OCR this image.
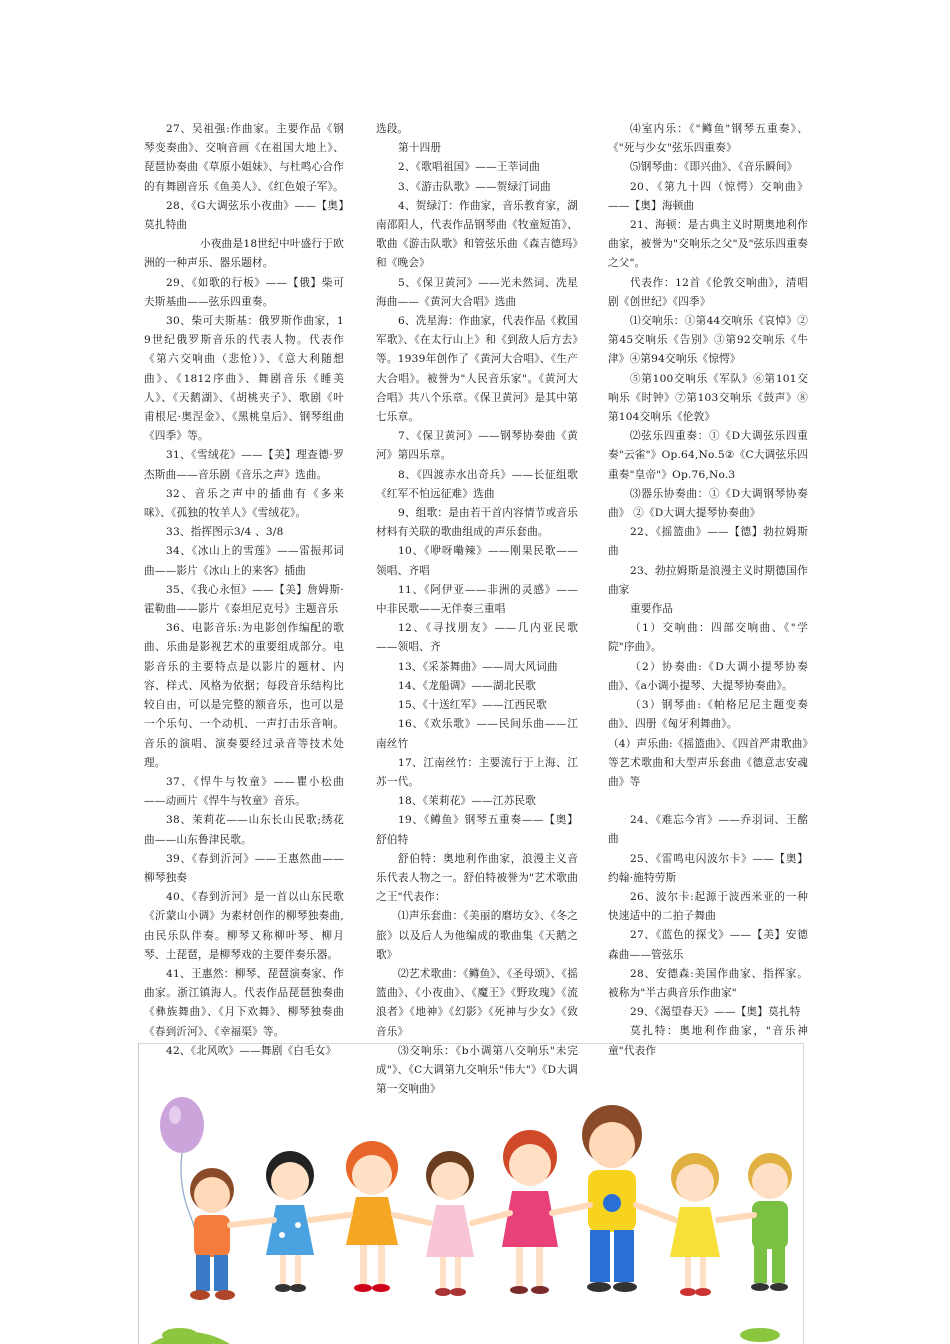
27、吴祖强:作曲家。主要作品《钢琴变奏曲》、交响音画《在祖国大地上》、琵琶协奏曲《草原小姐妹》、与杜鸣心合作的有舞剧音乐《鱼美人》、《红色娘子军》。

28、《G大调弦乐小夜曲》——【奥】莫扎特曲

小夜曲是18世纪中叶盛行于欧洲的一种声乐、器乐题材。

29、《如歌的行板》——【俄】柴可夫斯基曲——弦乐四重奏。

30、柴可夫斯基：俄罗斯作曲家，19世纪俄罗斯音乐的代表人物。代表作《第六交响曲（悲怆）》、《意大利随想曲》、《1812序曲》、舞剧音乐《睡美人》、《天鹅湖》、《胡桃夹子》、歌剧《叶甫根尼·奥涅金》、《黑桃皇后》、钢琴组曲《四季》等。

31、《雪绒花》——【美】理查德·罗杰斯曲——音乐剧《音乐之声》选曲。

32、音乐之声中的插曲有《多来咪》、《孤独的牧羊人》《雪绒花》。

33、指挥图示3/4 、3/8

34、《冰山上的雪莲》——雷振邦词曲——影片《冰山上的来客》插曲

35、《我心永恒》——【美】詹姆斯·霍勒曲——影片《泰坦尼克号》主题音乐

36、电影音乐:为电影创作编配的歌曲、乐曲是影视艺术的重要组成部分。电影音乐的主要特点是以影片的题材、内容、样式、风格为依据；每段音乐结构比较自由，可以是完整的额音乐，也可以是一个乐句、一个动机、一声打击乐音响。音乐的演唱、演奏要经过录音等技术处理。

37、《悍牛与牧童》——瞿小松曲——动画片《悍牛与牧童》音乐。

38、茉莉花——山东长山民歌;绣花曲——山东鲁津民歌。

39、《春到沂河》——王惠然曲——柳琴独奏

40、《春到沂河》是一首以山东民歌《沂蒙山小调》为素材创作的柳琴独奏曲,由民乐队伴奏。柳琴又称柳叶琴、柳月琴、土琵琶，是柳琴戏的主要伴奏乐器。

41、王惠然：柳琴、琵琶演奏家、作曲家。浙江镇海人。代表作品琵琶独奏曲《彝族舞曲》、《月下欢舞》、柳琴独奏曲《春到沂河》、《幸福渠》等。

42、《北风吹》——舞剧《白毛女》

选段。

第十四册

2、《歌唱祖国》——王莘词曲

3、《游击队歌》——贺绿汀词曲

4、贺绿汀：作曲家，音乐教育家，湖南邵阳人，代表作品钢琴曲《牧童短笛》、歌曲《游击队歌》和管弦乐曲《森吉德玛》和《晚会》

5、《保卫黄河》——光未然词、冼星海曲——《黄河大合唱》选曲

6、冼星海：作曲家，代表作品《救国军歌》、《在太行山上》和《到敌人后方去》等。1939年创作了《黄河大合唱》、《生产大合唱》。被誉为"人民音乐家"。《黄河大合唱》共八个乐章。《保卫黄河》是其中第七乐章。

7、《保卫黄河》——钢琴协奏曲《黄河》第四乐章。

8、《四渡赤水出奇兵》——长征组歌《红军不怕远征难》选曲

9、组歌：是由若干首内容情节或音乐材料有关联的歌曲组成的声乐套曲。

10、《咿呀嘞辣》——刚果民歌——领唱、齐唱

11、《阿伊亚——非洲的灵感》——中非民歌——无伴奏三重唱

12、《寻找朋友》——几内亚民歌——领唱、齐

13、《采茶舞曲》——周大风词曲

14、《龙船调》——湖北民歌

15、《十送红军》——江西民歌

16、《欢乐歌》——民间乐曲——江南丝竹

17、江南丝竹：主要流行于上海、江苏一代。

18、《茉莉花》——江苏民歌

19、《鳟鱼》钢琴五重奏——【奥】舒伯特

舒伯特：奥地利作曲家，浪漫主义音乐代表人物之一。舒伯特被誉为"艺术歌曲之王"代表作：

⑴声乐套曲：《美丽的磨坊女》、《冬之旅》以及后人为他编成的歌曲集《天鹅之歌》

⑵艺术歌曲：《鳟鱼》、《圣母颂》、《摇篮曲》、《小夜曲》、《魔王》《野玫瑰》《流浪者》《地神》《幻影》《死神与少女》《致音乐》

⑶交响乐：《b小调第八交响乐"未完成"》、《C大调第九交响乐"伟大"》《D大调第一交响曲》

⑷室内乐：《"鳟鱼"钢琴五重奏》、《"死与少女"弦乐四重奏》

⑸钢琴曲：《即兴曲》、《音乐瞬间》

20、《第九十四（惊愕）交响曲》——【奥】海顿曲

21、海顿：是古典主义时期奥地利作曲家，被誉为"交响乐之父"及"弦乐四重奏之父"。

代表作：12首《伦敦交响曲》，清唱剧《创世纪》《四季》

⑴交响乐：①第44交响乐《哀悼》②第45交响乐《告别》③第92交响乐《牛津》④第94交响乐《惊愕》

⑤第100交响乐《军队》⑥第101交响乐《时钟》⑦第103交响乐《鼓声》⑧第104交响乐《伦敦》

⑵弦乐四重奏：①《D大调弦乐四重奏"云雀"》Op.64,No.5②《C大调弦乐四重奏"皇帝"》Op.76,No.3

⑶器乐协奏曲：①《D大调钢琴协奏曲》 ②《D大调大提琴协奏曲》

22、《摇篮曲》——【德】勃拉姆斯曲

23、勃拉姆斯是浪漫主义时期德国作曲家

重要作品

（1）交响曲：四部交响曲、《"学院"序曲》。

（2）协奏曲:《D大调小提琴协奏曲》、《a小调小提琴、大提琴协奏曲》。

（3）钢琴曲:《帕格尼尼主题变奏曲》、四册《匈牙利舞曲》。

（4）声乐曲:《摇篮曲》、《四首严肃歌曲》等艺术歌曲和大型声乐套曲《德意志安魂曲》等

24、《难忘今宵》——乔羽词、王酩曲

25、《雷鸣电闪波尔卡》——【奥】约翰·施特劳斯

26、波尔卡:起源于波西米亚的一种快速适中的二拍子舞曲

27、《蓝色的探戈》——【美】安德森曲——管弦乐

28、安德森:美国作曲家、指挥家。被称为"半古典音乐作曲家"

29、《渴望春天》——【奥】莫扎特

莫扎特：奥地利作曲家，"音乐神童"代表作
